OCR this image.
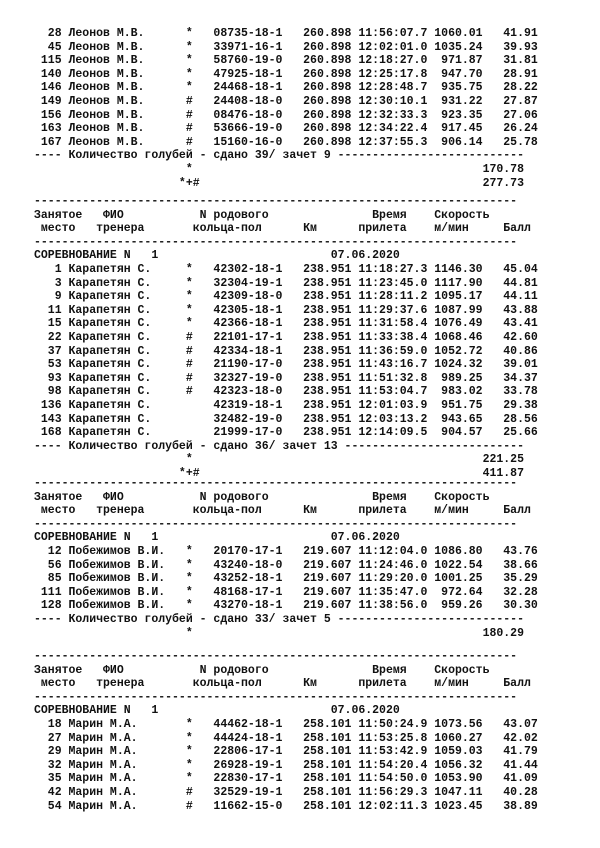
28 Леонов М.В.      *   08735-18-1   260.898 11:56:07.7 1060.01   41.91
45 Леонов М.В.      *   33971-16-1   260.898 12:02:01.0 1035.24   39.93
115 Леонов М.В.      *   58760-19-0   260.898 12:18:27.0  971.87   31.81
140 Леонов М.В.      *   47925-18-1   260.898 12:25:17.8  947.70   28.91
146 Леонов М.В.      *   24468-18-1   260.898 12:28:48.7  935.75   28.22
149 Леонов М.В.      #   24408-18-0   260.898 12:30:10.1  931.22   27.87
156 Леонов М.В.      #   08476-18-0   260.898 12:32:33.3  923.35   27.06
163 Леонов М.В.      #   53666-19-0   260.898 12:34:22.4  917.45   26.24
167 Леонов М.В.      #   15160-16-0   260.898 12:37:55.3  906.14   25.78
---- Количество голубей - сдано 39/ зачет 9 ---------------------------
*                                          170.78
*+#                                         277.73
----------------------------------------------------------------------
Занятое   ФИО           N родового               Время    Скорость
место   тренера       кольца-пол      Км      прилета    м/мин     Балл
----------------------------------------------------------------------
СОРЕВНОВАНИЕ N   1                         07.06.2020
1 Карапетян С.     *   42302-18-1   238.951 11:18:27.3 1146.30   45.04
3 Карапетян С.     *   32304-19-1   238.951 11:23:45.0 1117.90   44.81
9 Карапетян С.     *   42309-18-0   238.951 11:28:11.2 1095.17   44.11
11 Карапетян С.     *   42305-18-1   238.951 11:29:37.6 1087.99   43.88
15 Карапетян С.     *   42366-18-1   238.951 11:31:58.4 1076.49   43.41
22 Карапетян С.     #   22101-17-1   238.951 11:33:38.4 1068.46   42.60
37 Карапетян С.     #   42334-18-1   238.951 11:36:59.0 1052.72   40.86
53 Карапетян С.     #   21190-17-0   238.951 11:43:16.7 1024.32   39.01
93 Карапетян С.     #   32327-19-0   238.951 11:51:32.8  989.25   34.37
98 Карапетян С.     #   42323-18-0   238.951 11:53:04.7  983.02   33.78
136 Карапетян С.         42319-18-1   238.951 12:01:03.9  951.75   29.38
143 Карапетян С.         32482-19-0   238.951 12:03:13.2  943.65   28.56
168 Карапетян С.         21999-17-0   238.951 12:14:09.5  904.57   25.66
---- Количество голубей - сдано 36/ зачет 13 --------------------------
*                                          221.25
*+#                                         411.87
----------------------------------------------------------------------
Занятое   ФИО           N родового               Время    Скорость
место   тренера       кольца-пол      Км      прилета    м/мин     Балл
----------------------------------------------------------------------
СОРЕВНОВАНИЕ N   1                         07.06.2020
12 Побежимов В.И.   *   20170-17-1   219.607 11:12:04.0 1086.80   43.76
56 Побежимов В.И.   *   43240-18-0   219.607 11:24:46.0 1022.54   38.66
85 Побежимов В.И.   *   43252-18-1   219.607 11:29:20.0 1001.25   35.29
111 Побежимов В.И.   *   48168-17-1   219.607 11:35:47.0  972.64   32.28
128 Побежимов В.И.   *   43270-18-1   219.607 11:38:56.0  959.26   30.30
---- Количество голубей - сдано 33/ зачет 5 ---------------------------
*                                          180.29
----------------------------------------------------------------------
Занятое   ФИО           N родового               Время    Скорость
место   тренера       кольца-пол      Км      прилета    м/мин     Балл
----------------------------------------------------------------------
СОРЕВНОВАНИЕ N   1                         07.06.2020
18 Марин М.А.       *   44462-18-1   258.101 11:50:24.9 1073.56   43.07
27 Марин М.А.       *   44424-18-1   258.101 11:53:25.8 1060.27   42.02
29 Марин М.А.       *   22806-17-1   258.101 11:53:42.9 1059.03   41.79
32 Марин М.А.       *   26928-19-1   258.101 11:54:20.4 1056.32   41.44
35 Марин М.А.       *   22830-17-1   258.101 11:54:50.0 1053.90   41.09
42 Марин М.А.       #   32529-19-1   258.101 11:56:29.3 1047.11   40.28
54 Марин М.А.       #   11662-15-0   258.101 12:02:11.3 1023.45   38.89
